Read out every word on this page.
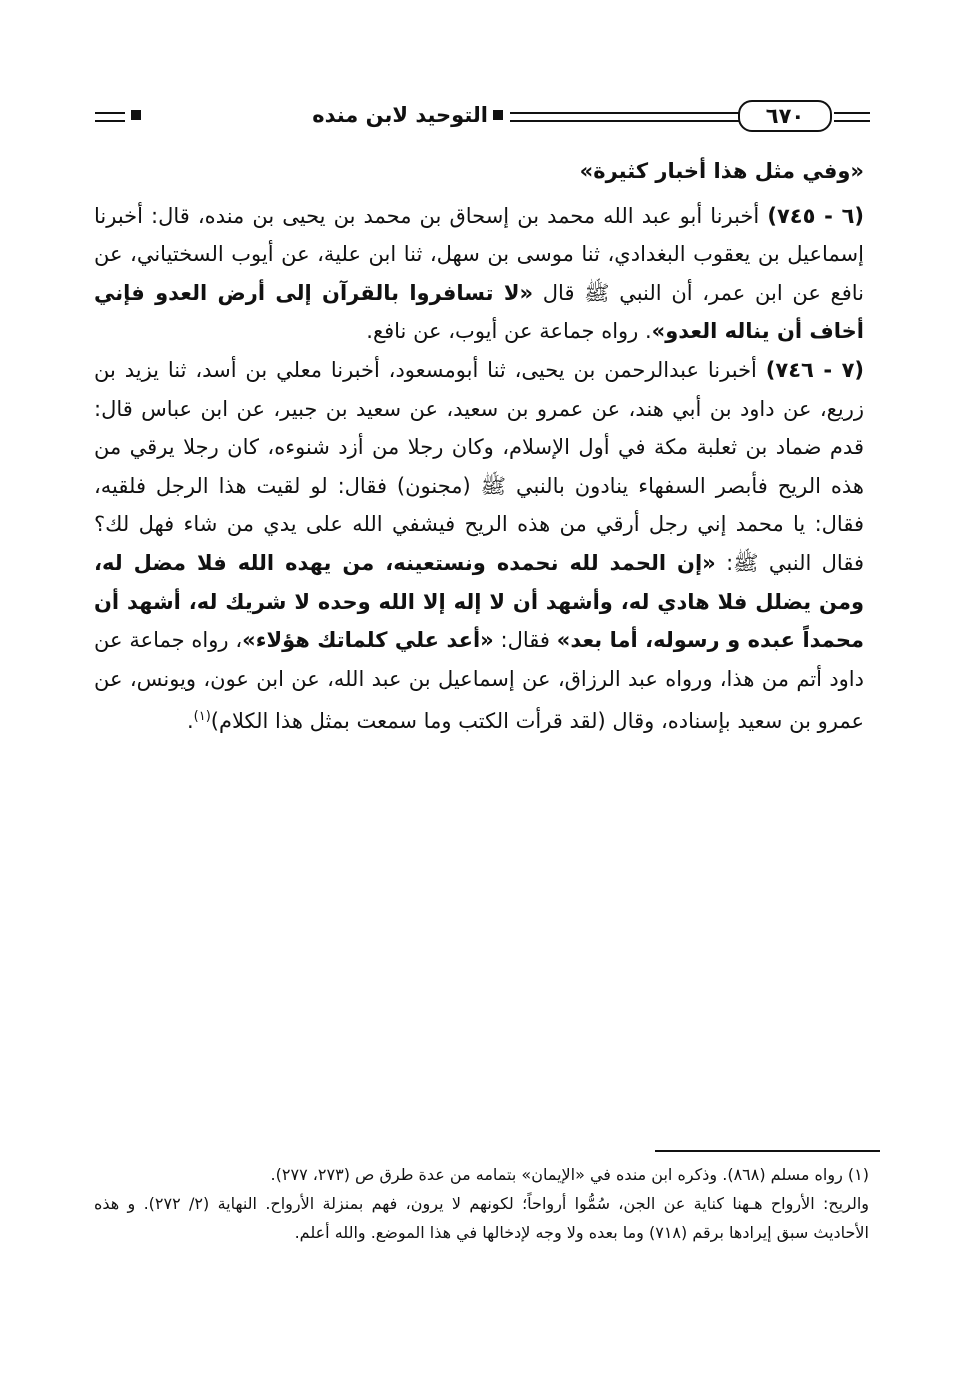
٦٧٠
التوحيد لابن منده

«وفي مثل هذا أخبار كثيرة»

(٦ - ٧٤٥) أخبرنا أبو عبد الله محمد بن إسحاق بن محمد بن يحيى بن منده، قال: أخبرنا إسماعيل بن يعقوب البغدادي، ثنا موسى بن سهل، ثنا ابن علية، عن أيوب السختياني، عن نافع عن ابن عمر، أن النبي ﷺ قال «لا تسافروا بالقرآن إلى أرض العدو فإني أخاف أن يناله العدو». رواه جماعة عن أيوب، عن نافع.

(٧ - ٧٤٦) أخبرنا عبدالرحمن بن يحيى، ثنا أبومسعود، أخبرنا معلي بن أسد، ثنا يزيد بن زريع، عن داود بن أبي هند، عن عمرو بن سعيد، عن سعيد بن جبير، عن ابن عباس قال: قدم ضماد بن ثعلبة مكة في أول الإسلام، وكان رجلا من أزد شنوءه، كان رجلا يرقي من هذه الريح فأبصر السفهاء ينادون بالنبي ﷺ (مجنون) فقال: لو لقيت هذا الرجل فلقيه، فقال: يا محمد إني رجل أرقي من هذه الريح فيشفي الله على يدي من شاء فهل لك؟ فقال النبي ﷺ: «إن الحمد لله نحمده ونستعينه، من يهده الله فلا مضل له، ومن يضلل فلا هادي له، وأشهد أن لا إله إلا الله وحده لا شريك له، أشهد أن محمداً عبده و رسوله، أما بعد» فقال: «أعد علي كلماتك هؤلاء»، رواه جماعة عن داود أتم من هذا، ورواه عبد الرزاق، عن إسماعيل بن عبد الله، عن ابن عون، ويونس، عن عمرو بن سعيد بإسناده، وقال (لقد قرأت الكتب وما سمعت بمثل هذا الكلام)$^{(١)}$.

(١) رواه مسلم (٨٦٨). وذكره ابن منده في «الإيمان» بتمامه من عدة طرق ص (٢٧٣، ٢٧٧).

والريح: الأرواح هـهنا كناية عن الجن، سُمُّوا أرواحاً؛ لكونهم لا يرون، فهم بمنزلة الأرواح. النهاية (٢/ ٢٧٢). و هذه الأحاديث سبق إيرادها برقم (٧١٨) وما بعده ولا وجه لإدخالها في هذا الموضع. والله أعلم.
